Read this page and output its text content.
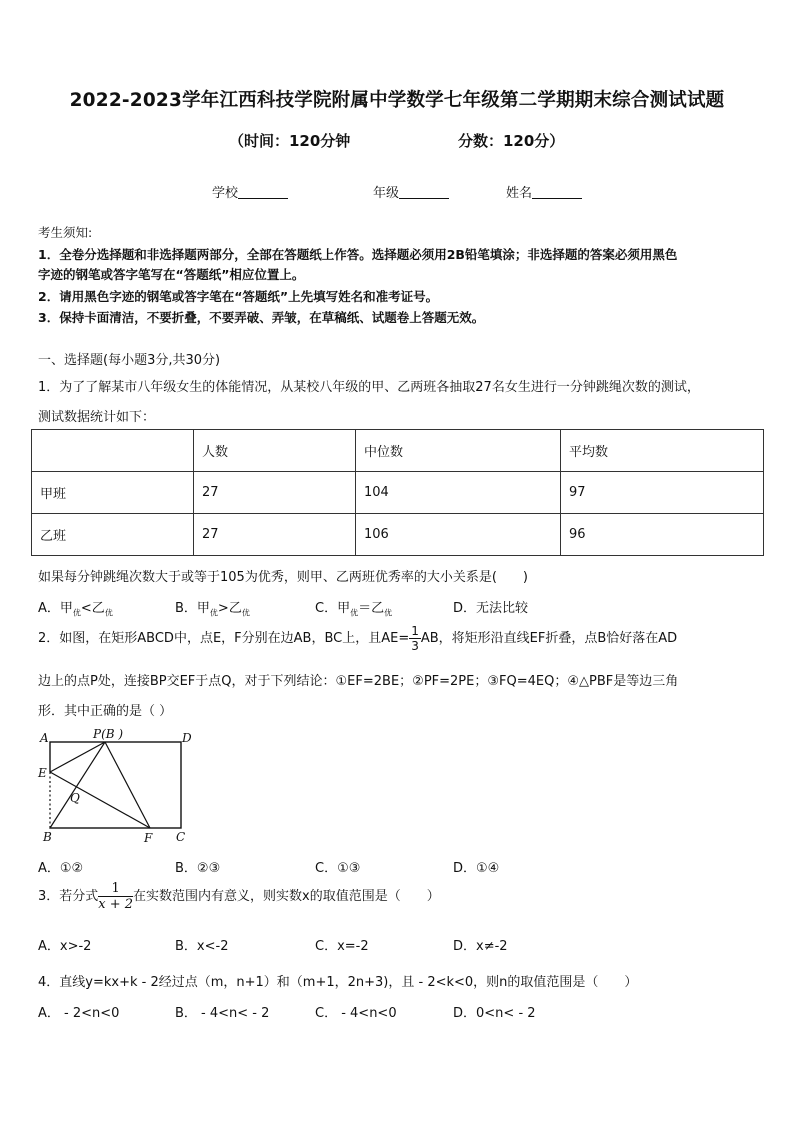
2022-2023学年江西科技学院附属中学数学七年级第二学期期末综合测试试题
（时间：120分钟	分数：120分）
学校	年级	姓名
考生须知:
1．全卷分选择题和非选择题两部分，全部在答题纸上作答。选择题必须用2B铅笔填涂；非选择题的答案必须用黑色
字迹的钢笔或答字笔写在“答题纸”相应位置上。
2．请用黑色字迹的钢笔或答字笔在“答题纸”上先填写姓名和准考证号。
3．保持卡面清洁，不要折叠，不要弄破、弄皱，在草稿纸、试题卷上答题无效。
一、选择题(每小题3分,共30分)
1．为了了解某市八年级女生的体能情况，从某校八年级的甲、乙两班各抽取27名女生进行一分钟跳绳次数的测试，
测试数据统计如下：
	人数	中位数	平均数
甲班	27	104	97
乙班	27	106	96
如果每分钟跳绳次数大于或等于105为优秀，则甲、乙两班优秀率的大小关系是(　　)
A．甲$_优$<乙$_优$	B．甲$_优$>乙$_优$	C．甲$_优$＝乙$_优$	D．无法比较
2．如图，在矩形ABCD中，点E，F分别在边AB，BC上，且$AE= \frac{1}{3}$ AB，将矩形沿直线EF折叠，点B恰好落在AD
边上的点P处，连接BP交EF于点Q，对于下列结论：①EF=2BE；②PF=2PE；③FQ=4EQ；④△PBF是等边三角
形．其中正确的是（ ）
A	P(B )	D
E
Q
B	F C
A．①②	B．②③	C．①③	D．①④
3．若分式 $\frac{1}{x + 2}$ 在实数范围内有意义，则实数x的取值范围是（　　）
A．x>-2	B．x<-2	C．x=-2	D．x≠-2
4．直线y=kx+k - 2经过点（m，n+1）和（m+1，2n+3)，且 - 2<k<0，则n的取值范围是（　　）
A． - 2<n<0	B． - 4<n< - 2	C． - 4<n<0	D．0<n< - 2
